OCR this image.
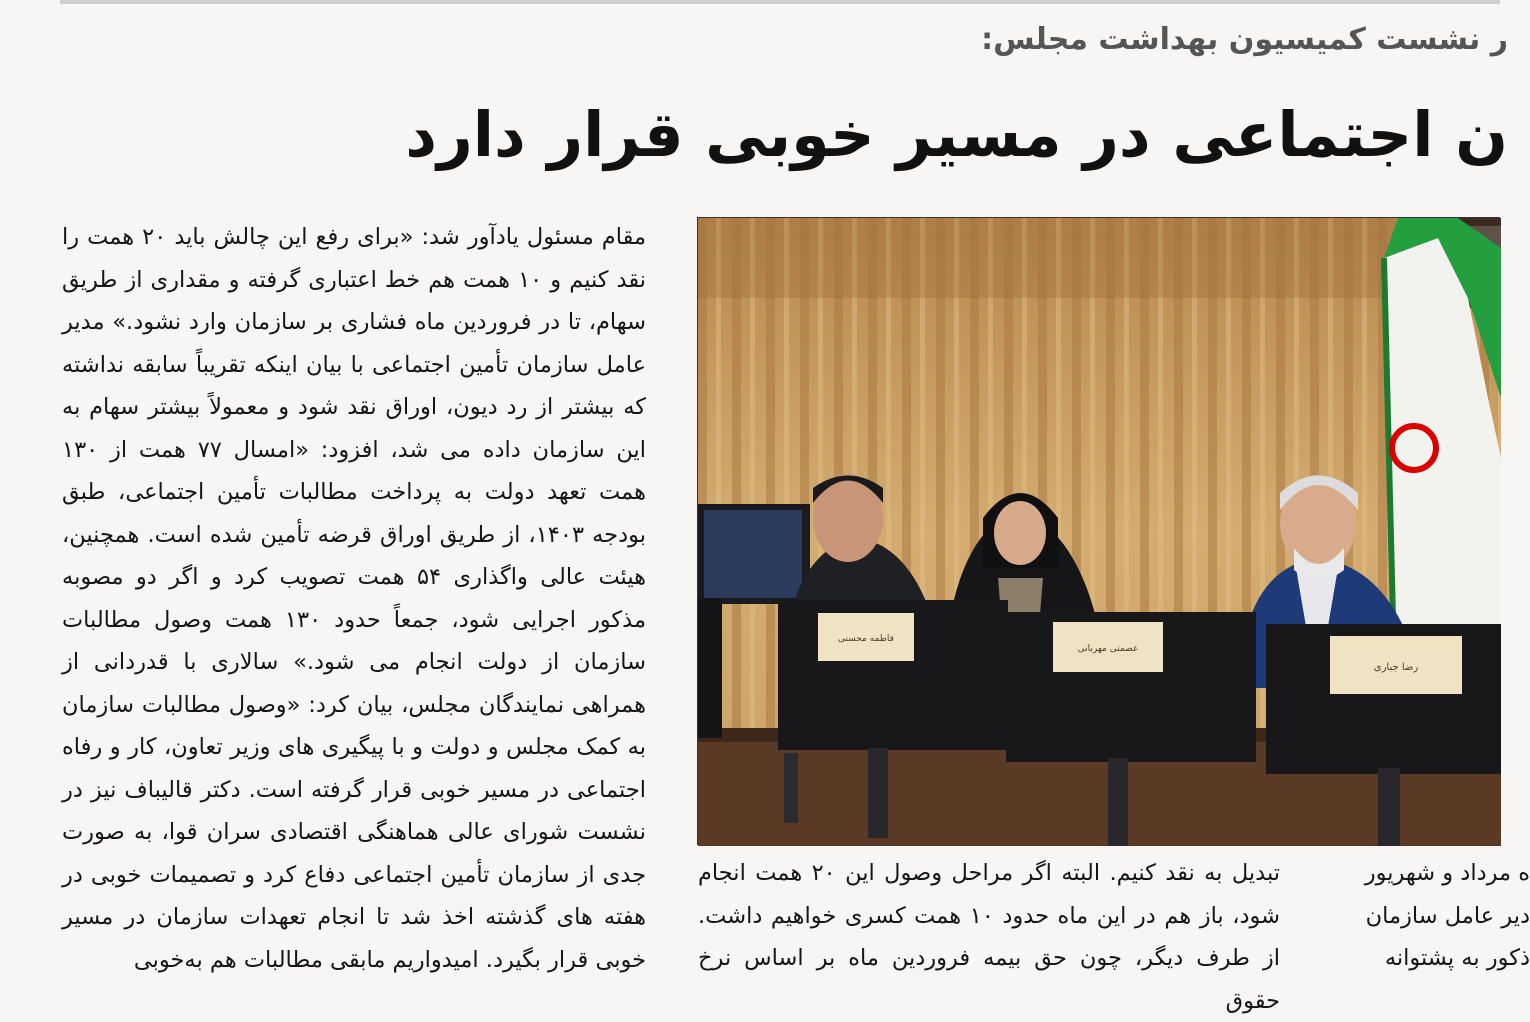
ر نشست کمیسیون بهداشت مجلس:
ن اجتماعی در مسیر خوبی قرار دارد

مقام مسئول یادآور شد: «برای رفع این چالش باید ۲۰ همت را نقد کنیم و ۱۰ همت هم خط اعتباری گرفته و مقداری از طریق سهام، تا در فروردین ماه فشاری بر سازمان وارد نشود.» مدیر عامل سازمان تأمین اجتماعی با بیان اینکه تقریباً سابقه نداشته که بیشتر از رد دیون، اوراق نقد شود و معمولاً بیشتر سهام به این سازمان داده می شد، افزود: «امسال ۷۷ همت از ۱۳۰ همت تعهد دولت به پرداخت مطالبات تأمین اجتماعی، طبق بودجه ۱۴۰۳، از طریق اوراق قرضه تأمین شده است. همچنین، هیئت عالی واگذاری ۵۴ همت تصویب کرد و اگر دو مصوبه مذکور اجرایی شود، جمعاً حدود ۱۳۰ همت وصول مطالبات سازمان از دولت انجام می شود.» سالاری با قدردانی از همراهی نمایندگان مجلس، بیان کرد: «وصول مطالبات سازمان به کمک مجلس و دولت و با پیگیری های وزیر تعاون، کار و رفاه اجتماعی در مسیر خوبی قرار گرفته است. دکتر قالیباف نیز در نشست شورای عالی هماهنگی اقتصادی سران قوا، به صورت جدی از سازمان تأمین اجتماعی دفاع کرد و تصمیمات خوبی در هفته های گذشته اخذ شد تا انجام تعهدات سازمان در مسیر خوبی قرار بگیرد. امیدواریم مابقی مطالبات هم به‌خوبی

فاطمه محسنی
عصمتی مهربانی
رضا جباری

تبدیل به نقد کنیم. البته اگر مراحل وصول این ۲۰ همت انجام شود، باز هم در این ماه حدود ۱۰ همت کسری خواهیم داشت. از طرف دیگر، چون حق بیمه فروردین ماه بر اساس نرخ حقوق

ه مرداد و شهریور
دیر عامل سازمان
ذکور به پشتوانه
